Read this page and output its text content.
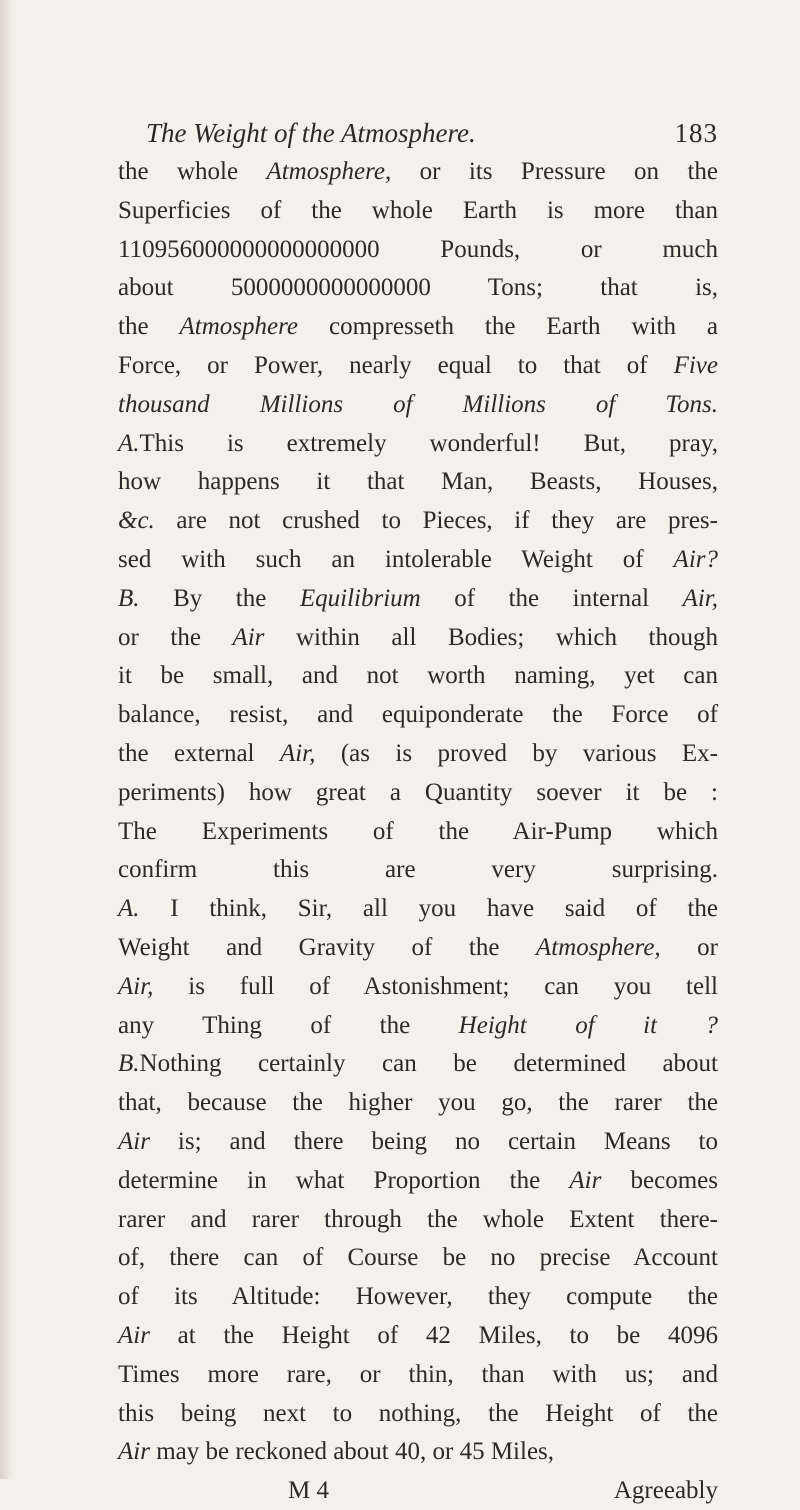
The Weight of the Atmosphere.	183
the whole Atmosphere, or its Pressure on the
Superficies of the whole Earth is more than
110956000000000000000 Pounds, or much
about 5000000000000000 Tons; that is,
the Atmosphere compresseth the Earth with a
Force, or Power, nearly equal to that of Five
thousand Millions of Millions of Tons.
A.This is extremely wonderful! But, pray,
how happens it that Man, Beasts, Houses,
&c. are not crushed to Pieces, if they are pres-
sed with such an intolerable Weight of Air?
B. By the Equilibrium of the internal Air,
or the Air within all Bodies; which though
it be small, and not worth naming, yet can
balance, resist, and equiponderate the Force of
the external Air, (as is proved by various Ex-
periments) how great a Quantity soever it be :
The Experiments of the Air-Pump which
confirm this are very surprising.
A. I think, Sir, all you have said of the
Weight and Gravity of the Atmosphere, or
Air, is full of Astonishment; can you tell
any Thing of the Height of it ?
B.Nothing certainly can be determined about
that, because the higher you go, the rarer the
Air is; and there being no certain Means to
determine in what Proportion the Air becomes
rarer and rarer through the whole Extent there-
of, there can of Course be no precise Account
of its Altitude: However, they compute the
Air at the Height of 42 Miles, to be 4096
Times more rare, or thin, than with us; and
this being next to nothing, the Height of the
Air may be reckoned about 40, or 45 Miles,
M 4	Agreeably
